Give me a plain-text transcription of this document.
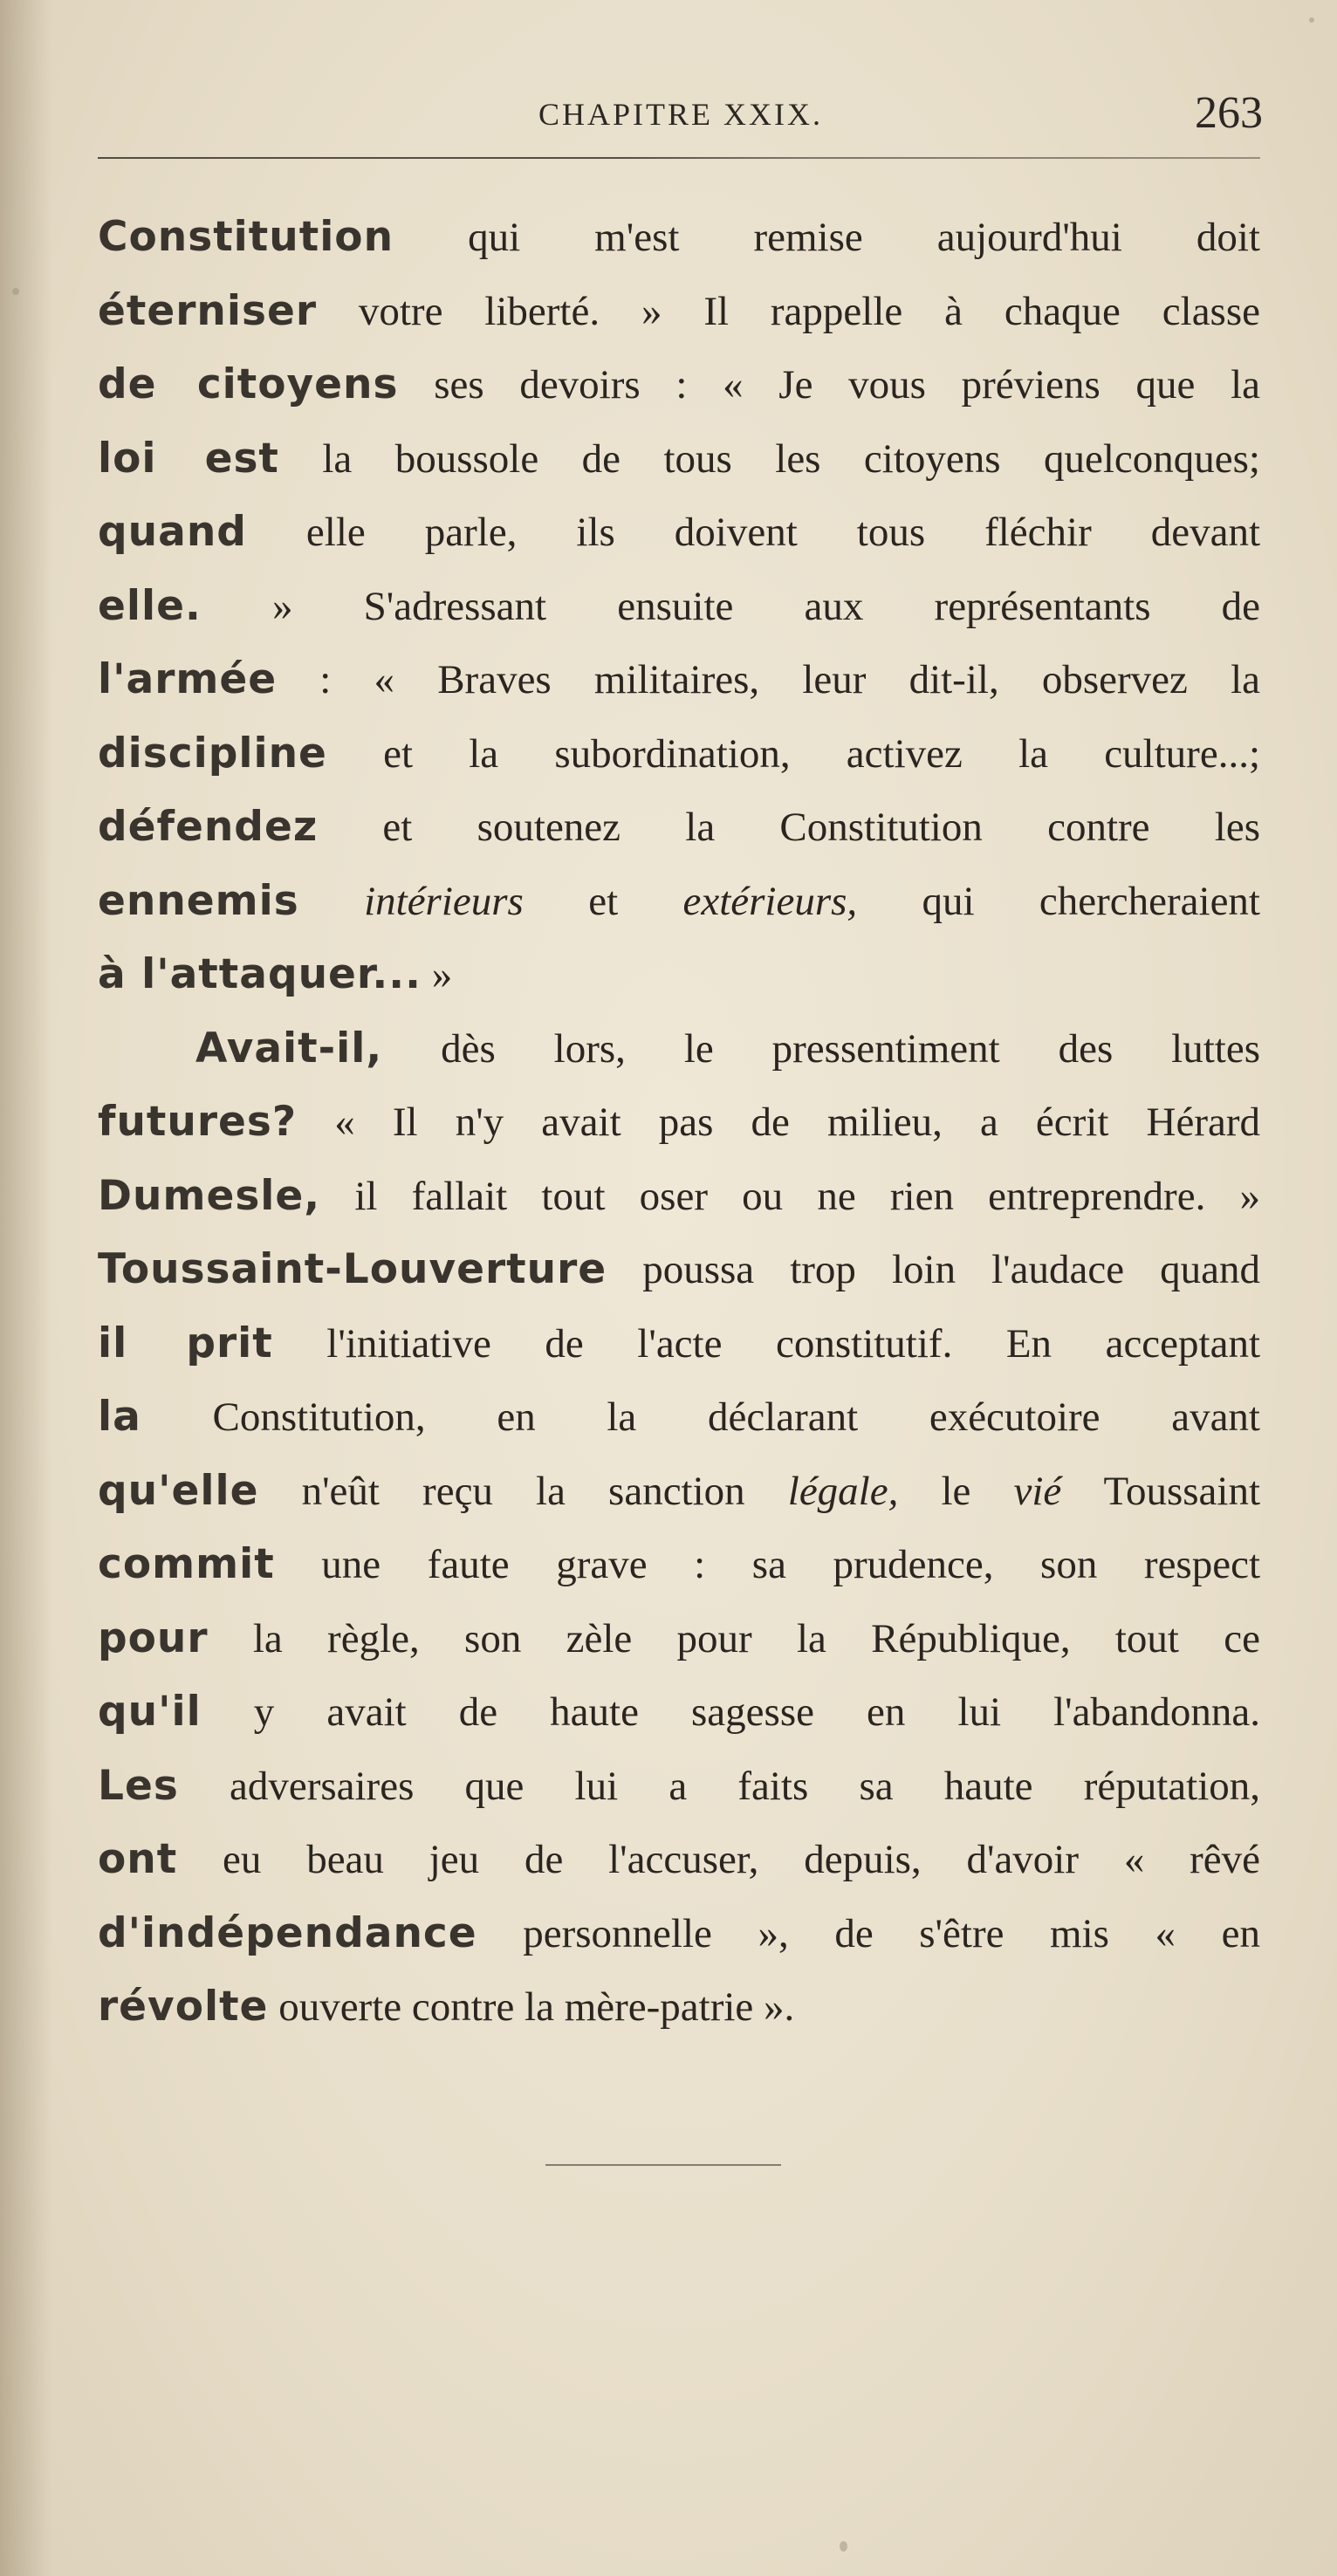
CHAPITRE XXIX.	263
Constitution qui m'est remise aujourd'hui doit
éterniser votre liberté. » Il rappelle à chaque classe
de citoyens ses devoirs : « Je vous préviens que la
loi est la boussole de tous les citoyens quelconques;
quand elle parle, ils doivent tous fléchir devant
elle. » S'adressant ensuite aux représentants de
l'armée : « Braves militaires, leur dit-il, observez la
discipline et la subordination, activez la culture...;
défendez et soutenez la Constitution contre les
ennemis intérieurs et extérieurs, qui chercheraient
à l'attaquer... »
Avait-il, dès lors, le pressentiment des luttes
futures? « Il n'y avait pas de milieu, a écrit Hérard
Dumesle, il fallait tout oser ou ne rien entreprendre. »
Toussaint-Louverture poussa trop loin l'audace quand
il prit l'initiative de l'acte constitutif. En acceptant
la Constitution, en la déclarant exécutoire avant
qu'elle n'eût reçu la sanction légale, le vié Toussaint
commit une faute grave : sa prudence, son respect
pour la règle, son zèle pour la République, tout ce
qu'il y avait de haute sagesse en lui l'abandonna.
Les adversaires que lui a faits sa haute réputation,
ont eu beau jeu de l'accuser, depuis, d'avoir « rêvé
d'indépendance personnelle », de s'être mis « en
révolte ouverte contre la mère-patrie ».
